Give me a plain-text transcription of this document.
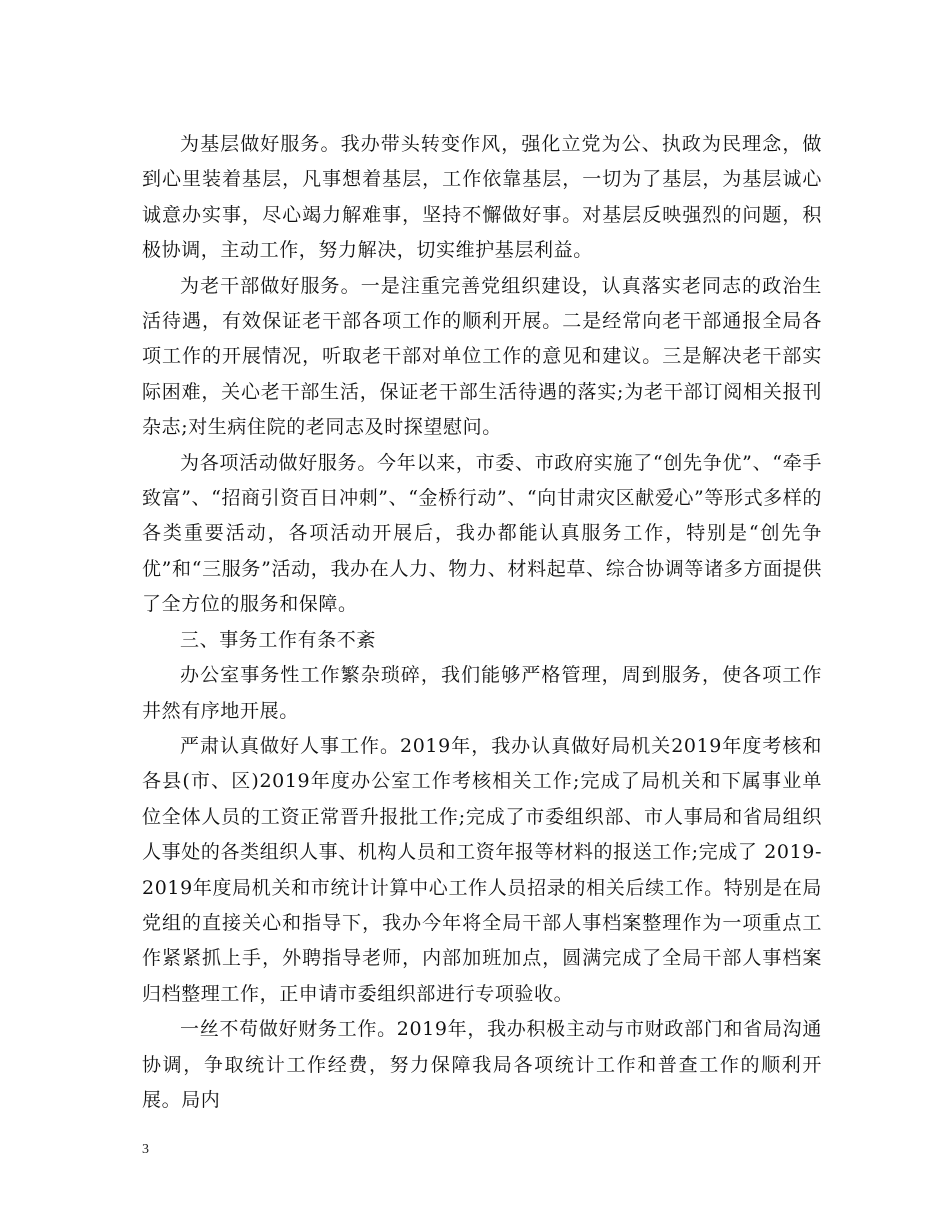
为基层做好服务。我办带头转变作风，强化立党为公、执政为民理念，做到心里装着基层，凡事想着基层，工作依靠基层，一切为了基层，为基层诚心诚意办实事，尽心竭力解难事，坚持不懈做好事。对基层反映强烈的问题，积极协调，主动工作，努力解决，切实维护基层利益。

为老干部做好服务。一是注重完善党组织建设，认真落实老同志的政治生活待遇，有效保证老干部各项工作的顺利开展。二是经常向老干部通报全局各项工作的开展情况，听取老干部对单位工作的意见和建议。三是解决老干部实际困难，关心老干部生活，保证老干部生活待遇的落实;为老干部订阅相关报刊杂志;对生病住院的老同志及时探望慰问。

为各项活动做好服务。今年以来，市委、市政府实施了“创先争优”、“牵手致富”、“招商引资百日冲刺”、“金桥行动”、“向甘肃灾区献爱心”等形式多样的各类重要活动，各项活动开展后，我办都能认真服务工作，特别是“创先争优”和“三服务”活动，我办在人力、物力、材料起草、综合协调等诸多方面提供了全方位的服务和保障。

三、事务工作有条不紊

办公室事务性工作繁杂琐碎，我们能够严格管理，周到服务，使各项工作井然有序地开展。

严肃认真做好人事工作。2019年，我办认真做好局机关2019年度考核和各县(市、区)2019年度办公室工作考核相关工作;完成了局机关和下属事业单位全体人员的工资正常晋升报批工作;完成了市委组织部、市人事局和省局组织人事处的各类组织人事、机构人员和工资年报等材料的报送工作;完成了 2019-2019年度局机关和市统计计算中心工作人员招录的相关后续工作。特别是在局党组的直接关心和指导下，我办今年将全局干部人事档案整理作为一项重点工作紧紧抓上手，外聘指导老师，内部加班加点，圆满完成了全局干部人事档案归档整理工作，正申请市委组织部进行专项验收。

一丝不苟做好财务工作。2019年，我办积极主动与市财政部门和省局沟通协调，争取统计工作经费，努力保障我局各项统计工作和普查工作的顺利开展。局内

3
